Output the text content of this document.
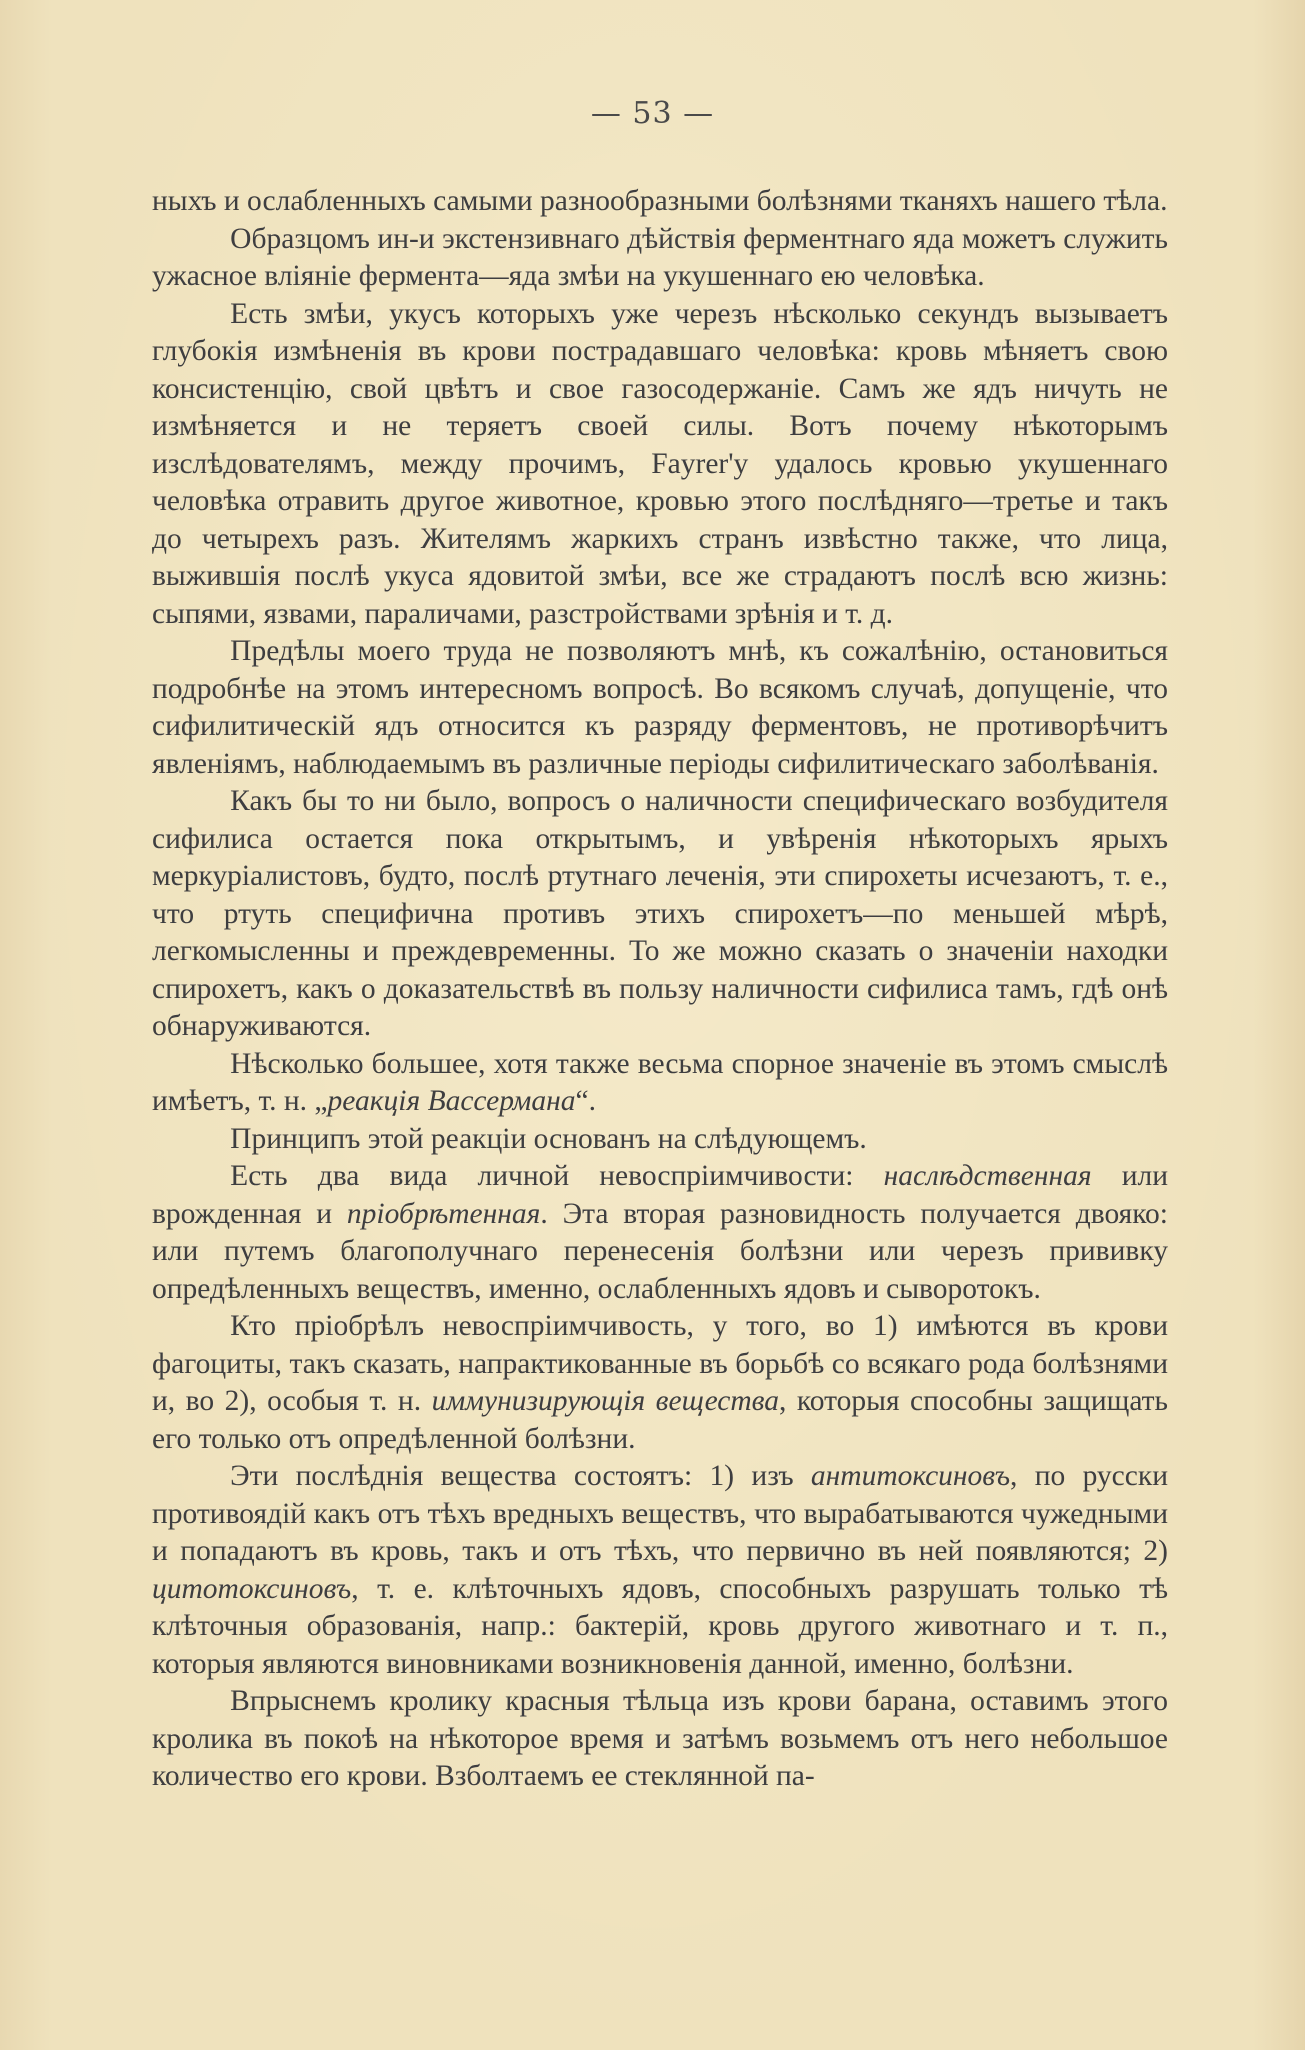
— 53 —

ныхъ и ослабленныхъ самыми разнообразными болѣзнями тканяхъ нашего тѣла.

Образцомъ ин-и экстензивнаго дѣйствія ферментнаго яда можетъ служить ужасное вліяніе фермента—яда змѣи на укушеннаго ею человѣка.

Есть змѣи, укусъ которыхъ уже черезъ нѣсколько секундъ вызываетъ глубокія измѣненія въ крови пострадавшаго человѣка: кровь мѣняетъ свою консистенцію, свой цвѣтъ и свое газосодержаніе. Самъ же ядъ ничуть не измѣняется и не теряетъ своей силы. Вотъ почему нѣкоторымъ изслѣдователямъ, между прочимъ, Fayrer'у удалось кровью укушеннаго человѣка отравить другое животное, кровью этого послѣдняго—третье и такъ до четырехъ разъ. Жителямъ жаркихъ странъ извѣстно также, что лица, выжившія послѣ укуса ядовитой змѣи, все же страдаютъ послѣ всю жизнь: сыпями, язвами, параличами, разстройствами зрѣнія и т. д.

Предѣлы моего труда не позволяютъ мнѣ, къ сожалѣнію, остановиться подробнѣе на этомъ интересномъ вопросѣ. Во всякомъ случаѣ, допущеніе, что сифилитическій ядъ относится къ разряду ферментовъ, не противорѣчитъ явленіямъ, наблюдаемымъ въ различные періоды сифилитическаго заболѣванія.

Какъ бы то ни было, вопросъ о наличности специфическаго возбудителя сифилиса остается пока открытымъ, и увѣренія нѣкоторыхъ ярыхъ меркуріалистовъ, будто, послѣ ртутнаго леченія, эти спирохеты исчезаютъ, т. е., что ртуть специфична противъ этихъ спирохетъ—по меньшей мѣрѣ, легкомысленны и преждевременны. То же можно сказать о значеніи находки спирохетъ, какъ о доказательствѣ въ пользу наличности сифилиса тамъ, гдѣ онѣ обнаруживаются.

Нѣсколько большее, хотя также весьма спорное значеніе въ этомъ смыслѣ имѣетъ, т. н. „реакція Вассермана“.

Принципъ этой реакціи основанъ на слѣдующемъ.

Есть два вида личной невоспріимчивости: наслѣдственная или врожденная и пріобрѣтенная. Эта вторая разновидность получается двояко: или путемъ благополучнаго перенесенія болѣзни или черезъ прививку опредѣленныхъ веществъ, именно, ослабленныхъ ядовъ и сыворотокъ.

Кто пріобрѣлъ невоспріимчивость, у того, во 1) имѣются въ крови фагоциты, такъ сказать, напрактикованные въ борьбѣ со всякаго рода болѣзнями и, во 2), особыя т. н. иммунизирующія вещества, которыя способны защищать его только отъ опредѣленной болѣзни.

Эти послѣднія вещества состоятъ: 1) изъ антитоксиновъ, по русски противоядій какъ отъ тѣхъ вредныхъ веществъ, что вырабатываются чужедными и попадаютъ въ кровь, такъ и отъ тѣхъ, что первично въ ней появляются; 2) цитотоксиновъ, т. е. клѣточныхъ ядовъ, способныхъ разрушать только тѣ клѣточныя образованія, напр.: бактерій, кровь другого животнаго и т. п., которыя являются виновниками возникновенія данной, именно, болѣзни.

Впрыснемъ кролику красныя тѣльца изъ крови барана, оставимъ этого кролика въ покоѣ на нѣкоторое время и затѣмъ возьмемъ отъ него небольшое количество его крови. Взболтаемъ ее стеклянной па-
